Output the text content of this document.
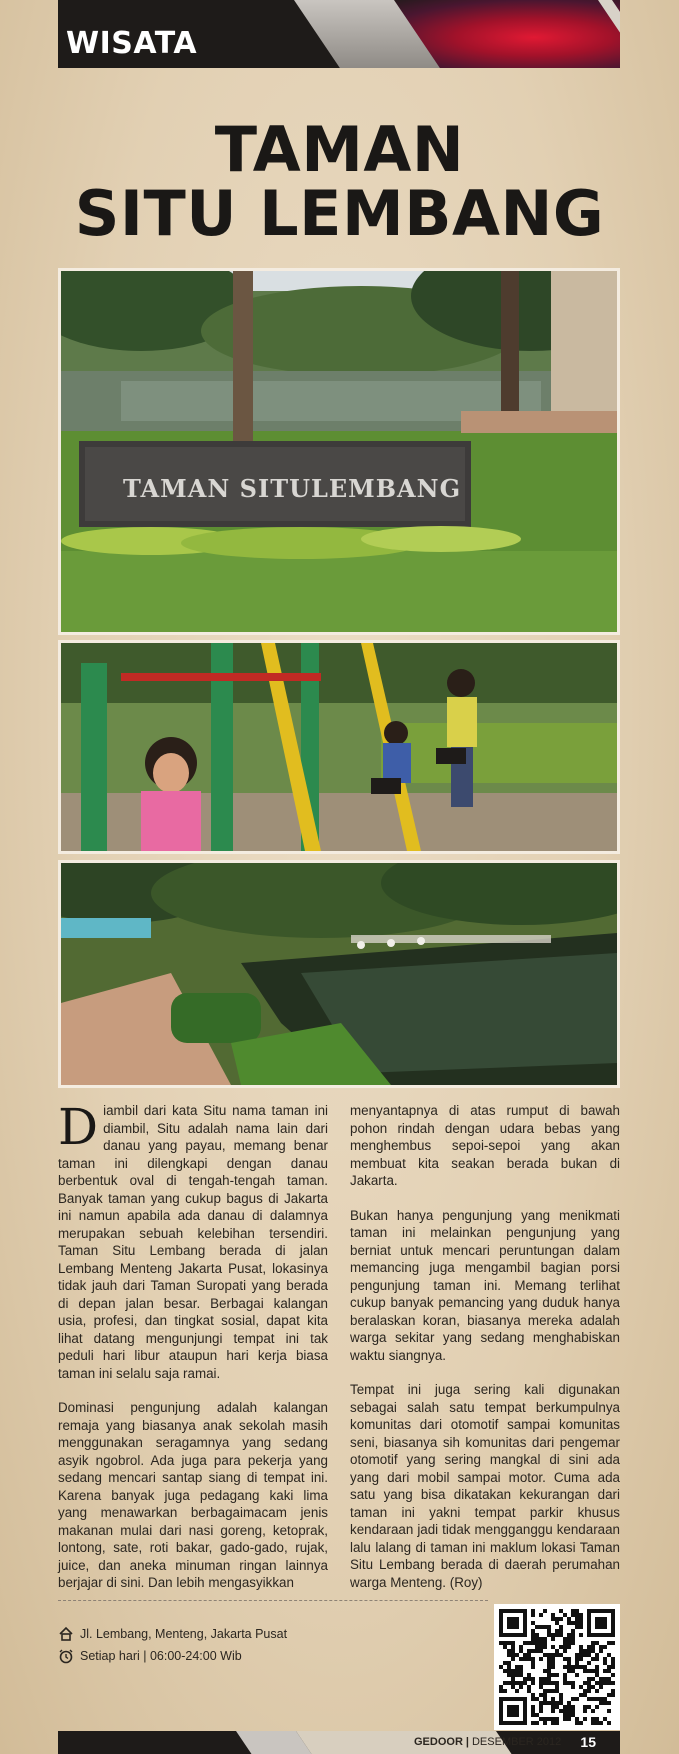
WISATA
TAMAN
SITU LEMBANG
TAMAN SITULEMBANG

Diambil dari kata Situ nama taman ini diambil, Situ adalah nama lain dari danau yang payau, memang benar taman ini dilengkapi dengan danau berbentuk oval di tengah-tengah taman. Banyak taman yang cukup bagus di Jakarta ini namun apabila ada danau di dalamnya merupakan sebuah kelebihan tersendiri. Taman Situ Lembang berada di jalan Lembang Menteng Jakarta Pusat, lokasinya tidak jauh dari Taman Suropati yang berada di depan jalan besar. Berbagai kalangan usia, profesi, dan tingkat sosial, dapat kita lihat datang mengunjungi tempat ini tak peduli hari libur ataupun hari kerja biasa taman ini selalu saja ramai.

Dominasi pengunjung adalah kalangan remaja yang biasanya anak sekolah masih menggunakan seragamnya yang sedang asyik ngobrol. Ada juga para pekerja yang sedang mencari santap siang di tempat ini. Karena banyak juga pedagang kaki lima yang menawarkan berbagaimacam jenis makanan mulai dari nasi goreng, ketoprak, lontong, sate, roti bakar, gado-gado, rujak, juice, dan aneka minuman ringan lainnya berjajar di sini. Dan lebih mengasyikkan

menyantapnya di atas rumput di bawah pohon rindah dengan udara bebas yang menghembus sepoi-sepoi yang akan membuat kita seakan berada bukan di Jakarta.

Bukan hanya pengunjung yang menikmati taman ini melainkan pengunjung yang berniat untuk mencari peruntungan dalam memancing juga mengambil bagian porsi pengunjung taman ini. Memang terlihat cukup banyak pemancing yang duduk hanya beralaskan koran, biasanya mereka adalah warga sekitar yang sedang menghabiskan waktu siangnya.

Tempat ini juga sering kali digunakan sebagai salah satu tempat berkumpulnya komunitas dari otomotif sampai komunitas seni, biasanya sih komunitas dari pengemar otomotif yang sering mangkal di sini ada yang dari mobil sampai motor. Cuma ada satu yang bisa dikatakan kekurangan dari taman ini yakni tempat parkir khusus kendaraan jadi tidak mengganggu kendaraan lalu lalang di taman ini maklum lokasi Taman Situ Lembang berada di daerah perumahan warga Menteng. (Roy)

Jl. Lembang, Menteng, Jakarta Pusat
Setiap hari | 06:00-24:00 Wib
GEDOOR | DESEMBER 2012 15
